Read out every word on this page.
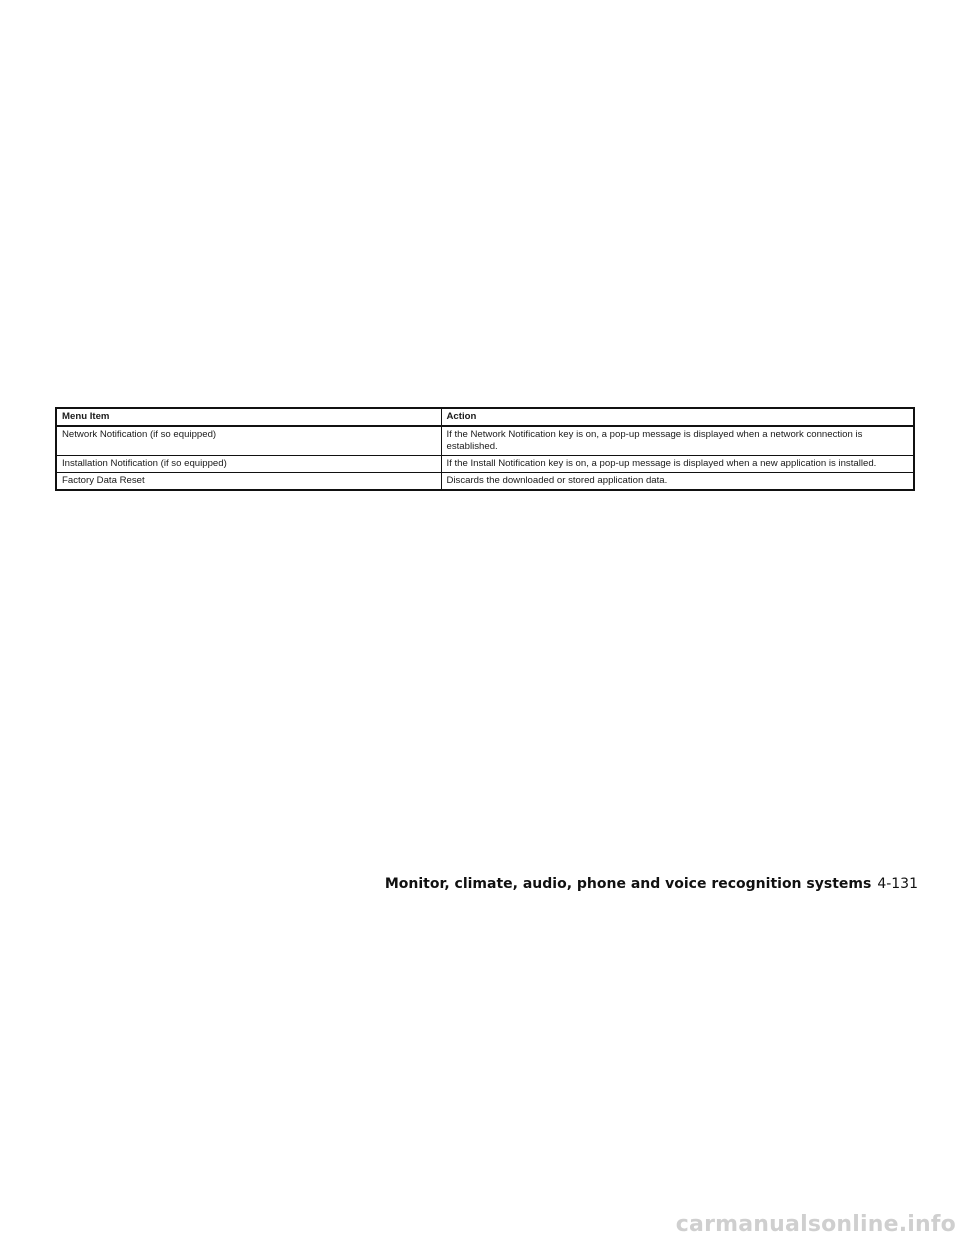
Menu Item	Action
Network Notification (if so equipped)	If the Network Notification key is on, a pop-up message is displayed when a network connection is established.
Installation Notification (if so equipped)	If the Install Notification key is on, a pop-up message is displayed when a new application is installed.
Factory Data Reset	Discards the downloaded or stored application data.
Monitor, climate, audio, phone and voice recognition systems 4-131
carmanualsonline.info
